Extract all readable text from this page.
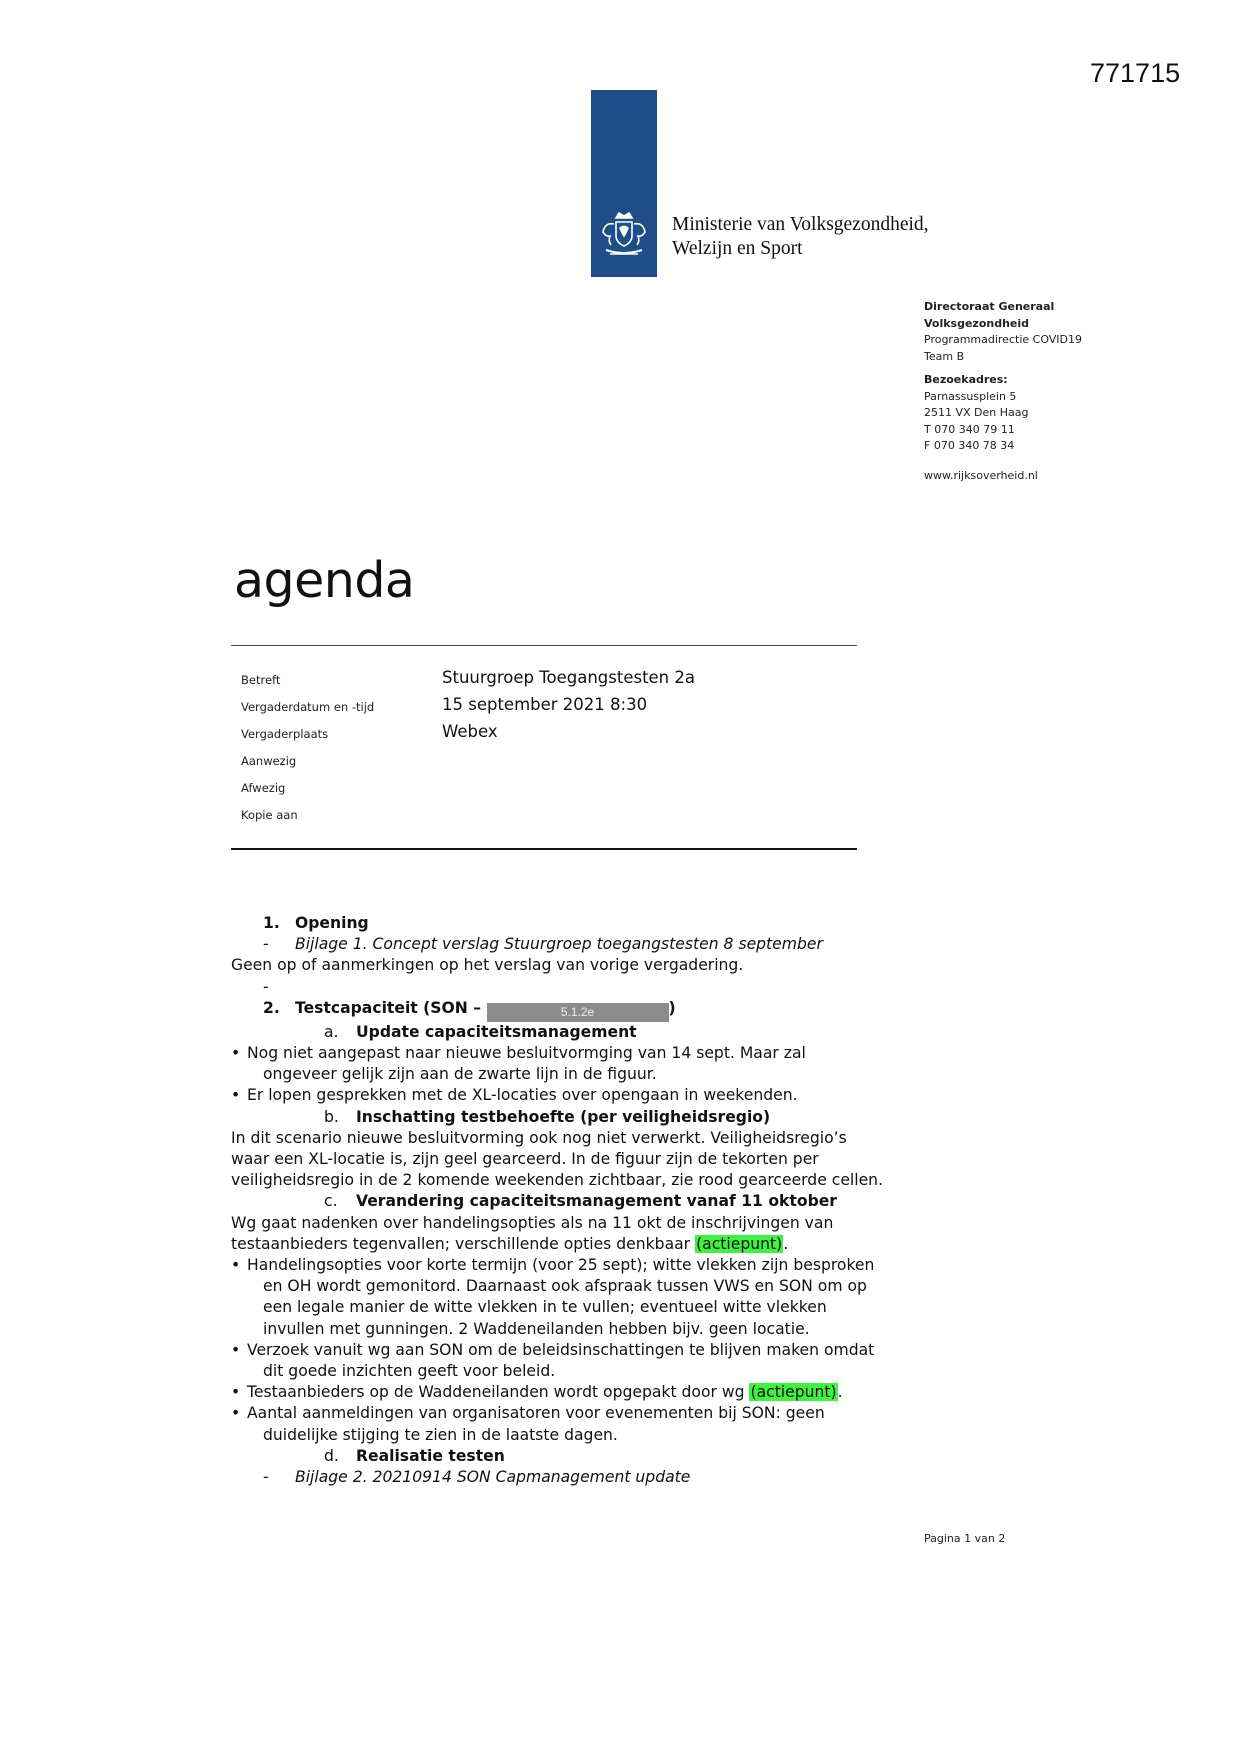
771715
Ministerie van Volksgezondheid,
Welzijn en Sport
Directoraat Generaal
Volksgezondheid
Programmadirectie COVID19
Team B
Bezoekadres:
Parnassusplein 5
2511 VX Den Haag
T 070 340 79 11
F 070 340 78 34
www.rijksoverheid.nl
agenda
Betreft
Vergaderdatum en -tijd
Vergaderplaats
Aanwezig
Afwezig
Kopie aan
Stuurgroep Toegangstesten 2a
15 september 2021 8:30
Webex
1. Opening
- Bijlage 1. Concept verslag Stuurgroep toegangstesten 8 september
Geen op of aanmerkingen op het verslag van vorige vergadering.
-
2. Testcapaciteit (SON –	5.1.2e	)
a. Update capaciteitsmanagement
• Nog niet aangepast naar nieuwe besluitvormging van 14 sept. Maar zal
ongeveer gelijk zijn aan de zwarte lijn in de figuur.
• Er lopen gesprekken met de XL-locaties over opengaan in weekenden.
b. Inschatting testbehoefte (per veiligheidsregio)
In dit scenario nieuwe besluitvorming ook nog niet verwerkt. Veiligheidsregio’s
waar een XL-locatie is, zijn geel gearceerd. In de figuur zijn de tekorten per
veiligheidsregio in de 2 komende weekenden zichtbaar, zie rood gearceerde cellen.
c. Verandering capaciteitsmanagement vanaf 11 oktober
Wg gaat nadenken over handelingsopties als na 11 okt de inschrijvingen van
testaanbieders tegenvallen; verschillende opties denkbaar (actiepunt).
• Handelingsopties voor korte termijn (voor 25 sept); witte vlekken zijn besproken
en OH wordt gemonitord. Daarnaast ook afspraak tussen VWS en SON om op
een legale manier de witte vlekken in te vullen; eventueel witte vlekken
invullen met gunningen. 2 Waddeneilanden hebben bijv. geen locatie.
• Verzoek vanuit wg aan SON om de beleidsinschattingen te blijven maken omdat
dit goede inzichten geeft voor beleid.
• Testaanbieders op de Waddeneilanden wordt opgepakt door wg (actiepunt).
• Aantal aanmeldingen van organisatoren voor evenementen bij SON: geen
duidelijke stijging te zien in de laatste dagen.
d. Realisatie testen
- Bijlage 2. 20210914 SON Capmanagement update
Pagina 1 van 2
